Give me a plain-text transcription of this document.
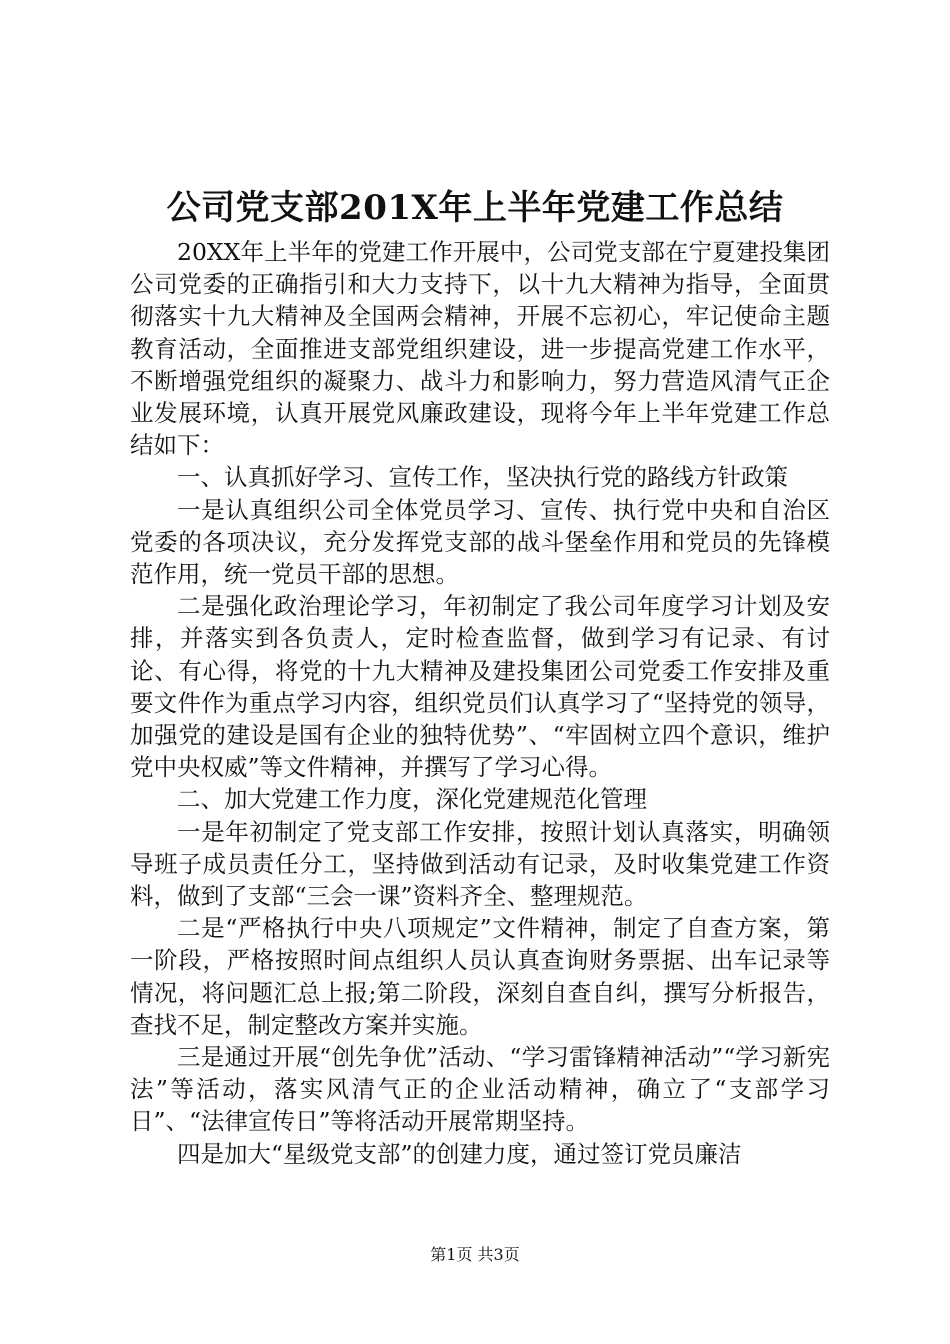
公司党支部201X年上半年党建工作总结

20XX年上半年的党建工作开展中，公司党支部在宁夏建投集团公司党委的正确指引和大力支持下，以十九大精神为指导，全面贯彻落实十九大精神及全国两会精神，开展不忘初心，牢记使命主题教育活动，全面推进支部党组织建设，进一步提高党建工作水平，不断增强党组织的凝聚力、战斗力和影响力，努力营造风清气正企业发展环境，认真开展党风廉政建设，现将今年上半年党建工作总结如下：

一、认真抓好学习、宣传工作，坚决执行党的路线方针政策

一是认真组织公司全体党员学习、宣传、执行党中央和自治区党委的各项决议，充分发挥党支部的战斗堡垒作用和党员的先锋模范作用，统一党员干部的思想。

二是强化政治理论学习，年初制定了我公司年度学习计划及安排，并落实到各负责人，定时检查监督，做到学习有记录、有讨论、有心得，将党的十九大精神及建投集团公司党委工作安排及重要文件作为重点学习内容，组织党员们认真学习了“坚持党的领导，加强党的建设是国有企业的独特优势”、“牢固树立四个意识，维护党中央权威”等文件精神，并撰写了学习心得。

二、加大党建工作力度，深化党建规范化管理

一是年初制定了党支部工作安排，按照计划认真落实，明确领导班子成员责任分工，坚持做到活动有记录，及时收集党建工作资料，做到了支部“三会一课”资料齐全、整理规范。

二是“严格执行中央八项规定”文件精神，制定了自查方案，第一阶段，严格按照时间点组织人员认真查询财务票据、出车记录等情况，将问题汇总上报;第二阶段，深刻自查自纠，撰写分析报告，查找不足，制定整改方案并实施。

三是通过开展“创先争优”活动、“学习雷锋精神活动”“学习新宪法”等活动，落实风清气正的企业活动精神，确立了“支部学习日”、“法律宣传日”等将活动开展常期坚持。

四是加大“星级党支部”的创建力度，通过签订党员廉洁

第1页 共3页
